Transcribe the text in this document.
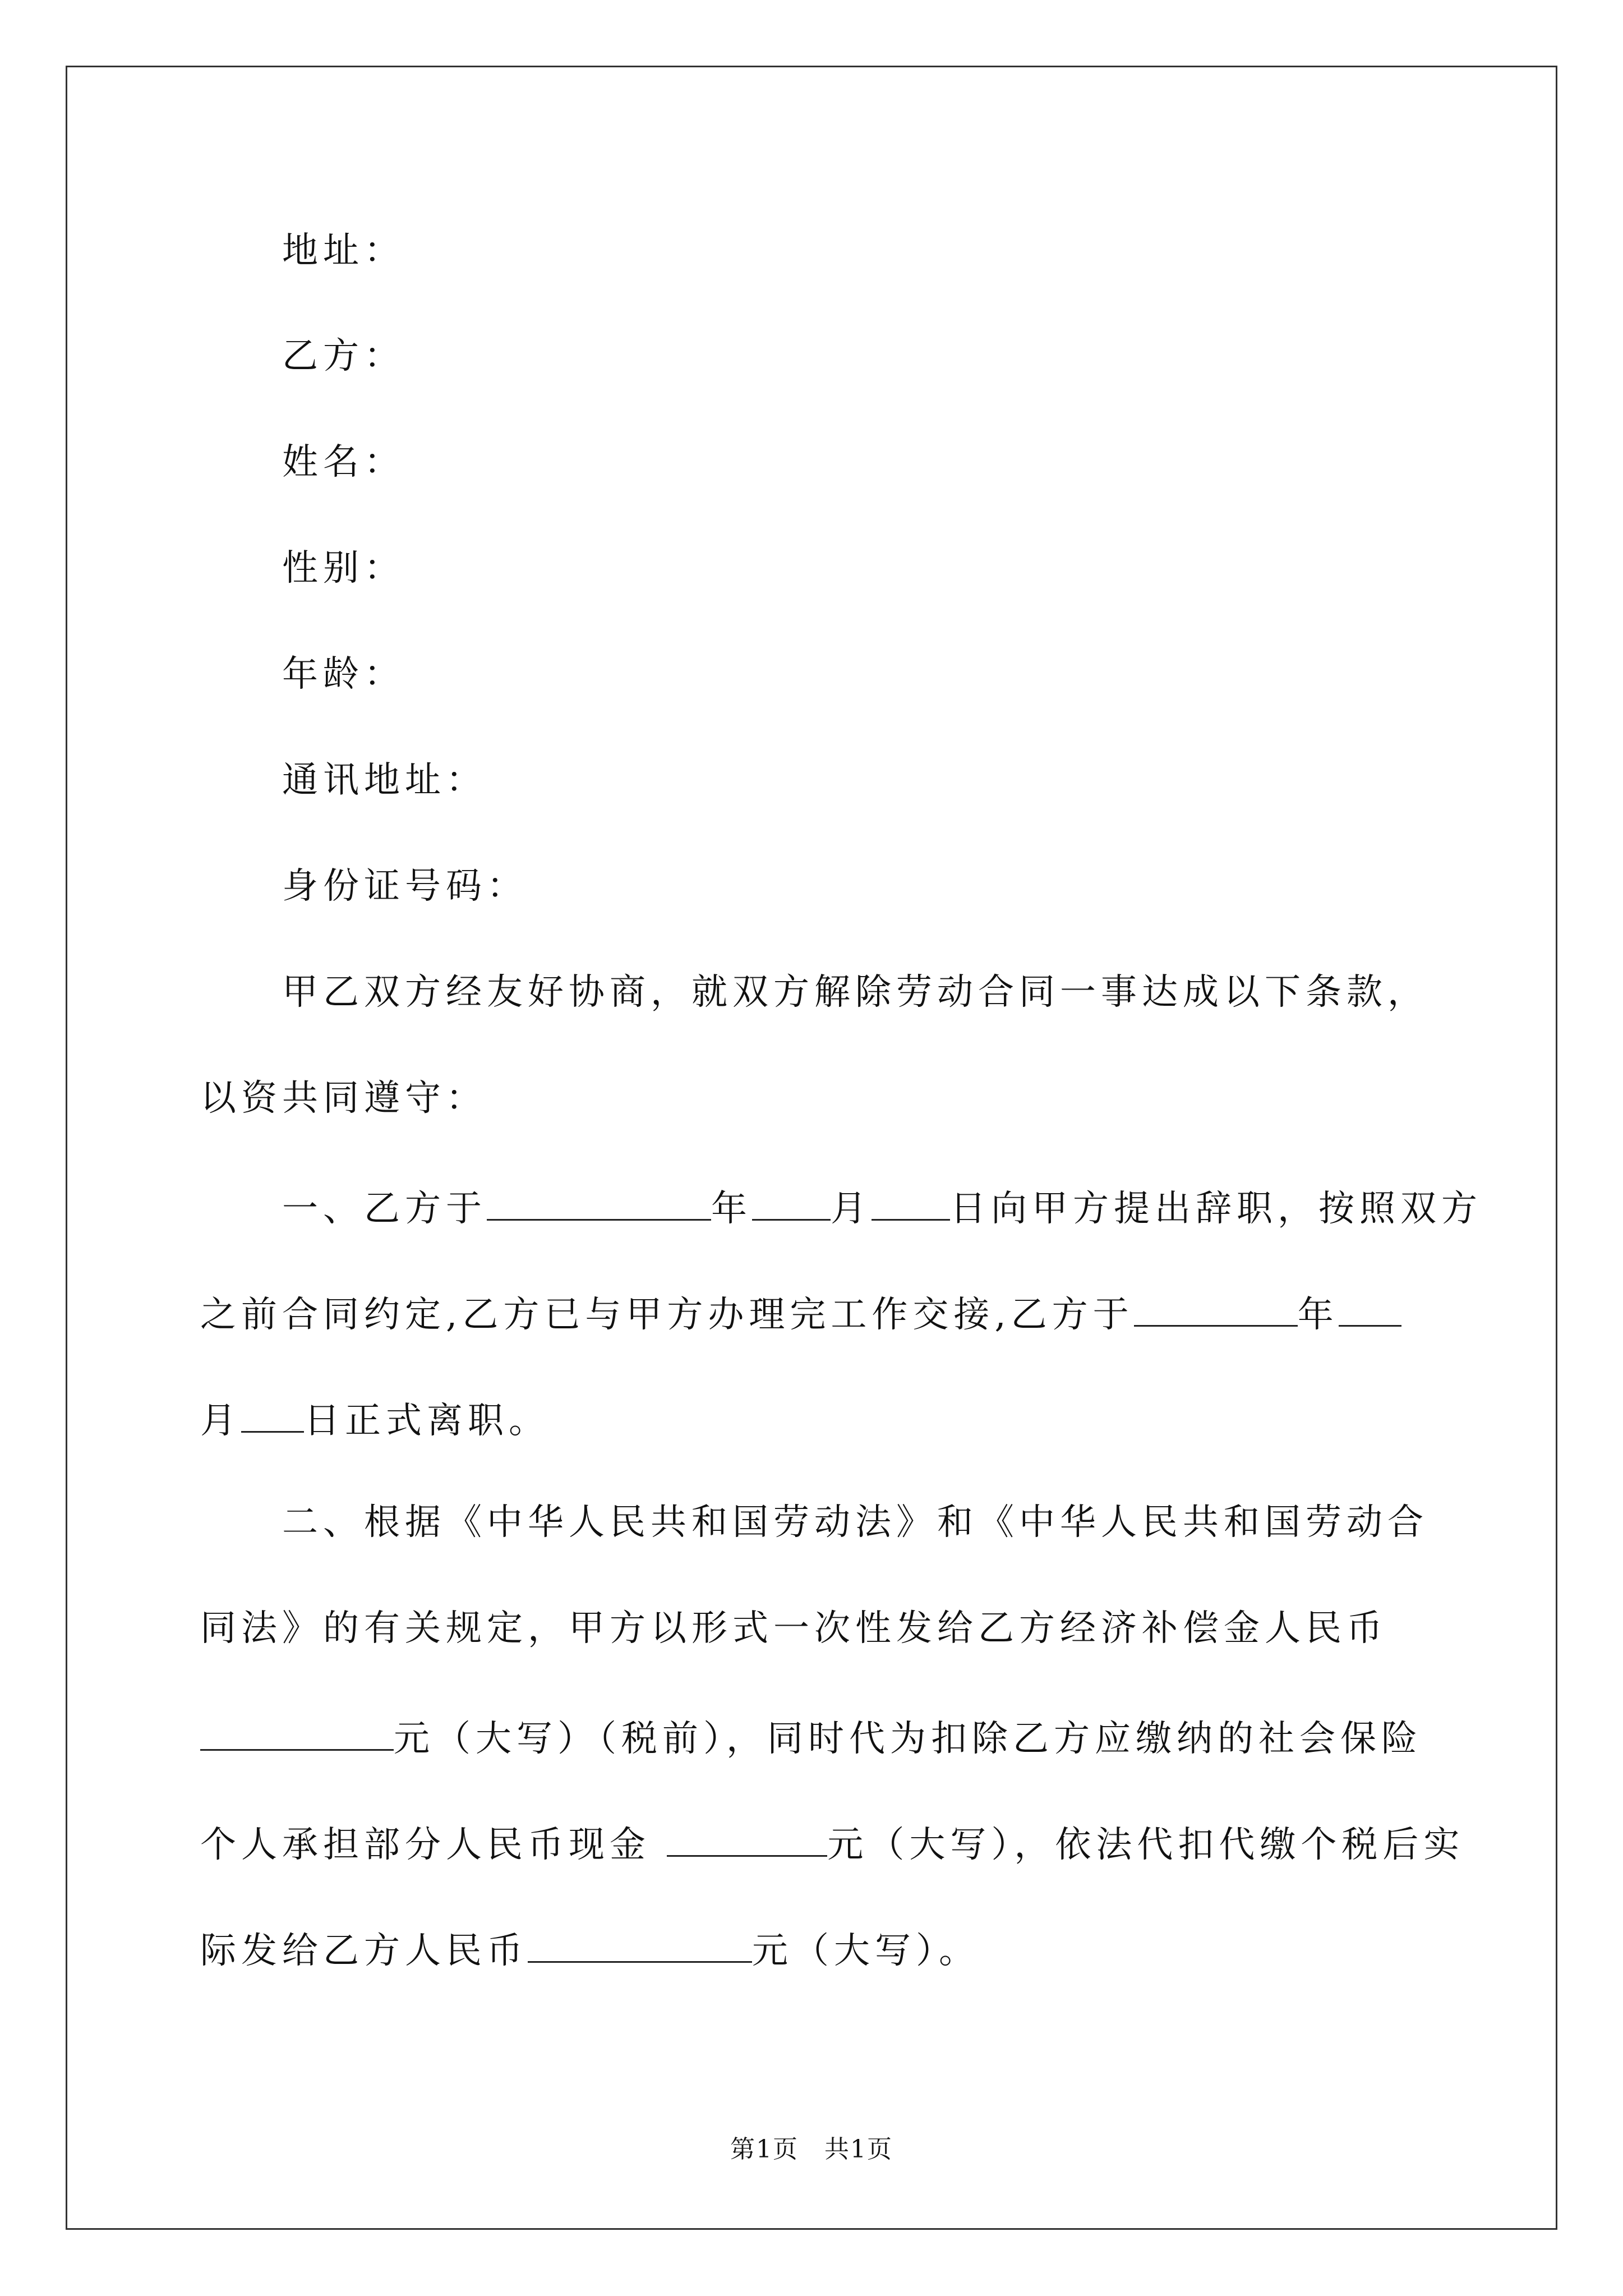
地址：
乙方：
姓名：
性别：
年龄：
通讯地址：
身份证号码：
甲乙双方经友好协商，就双方解除劳动合同一事达成以下条款，
以资共同遵守：
一、乙方于	年 月 日向甲方提出辞职，按照双方
之前合同约定,乙方已与甲方办理完工作交接,乙方于	年
月 日正式离职。
二、根据《中华人民共和国劳动法》和《中华人民共和国劳动合
同法》的有关规定，甲方以形式一次性发给乙方经济补偿金人民币
元（大写）（税前），同时代为扣除乙方应缴纳的社会保险
个人承担部分人民币现金	元（大写），依法代扣代缴个税后实
际发给乙方人民币	元（大写）。
第1页　共1页
